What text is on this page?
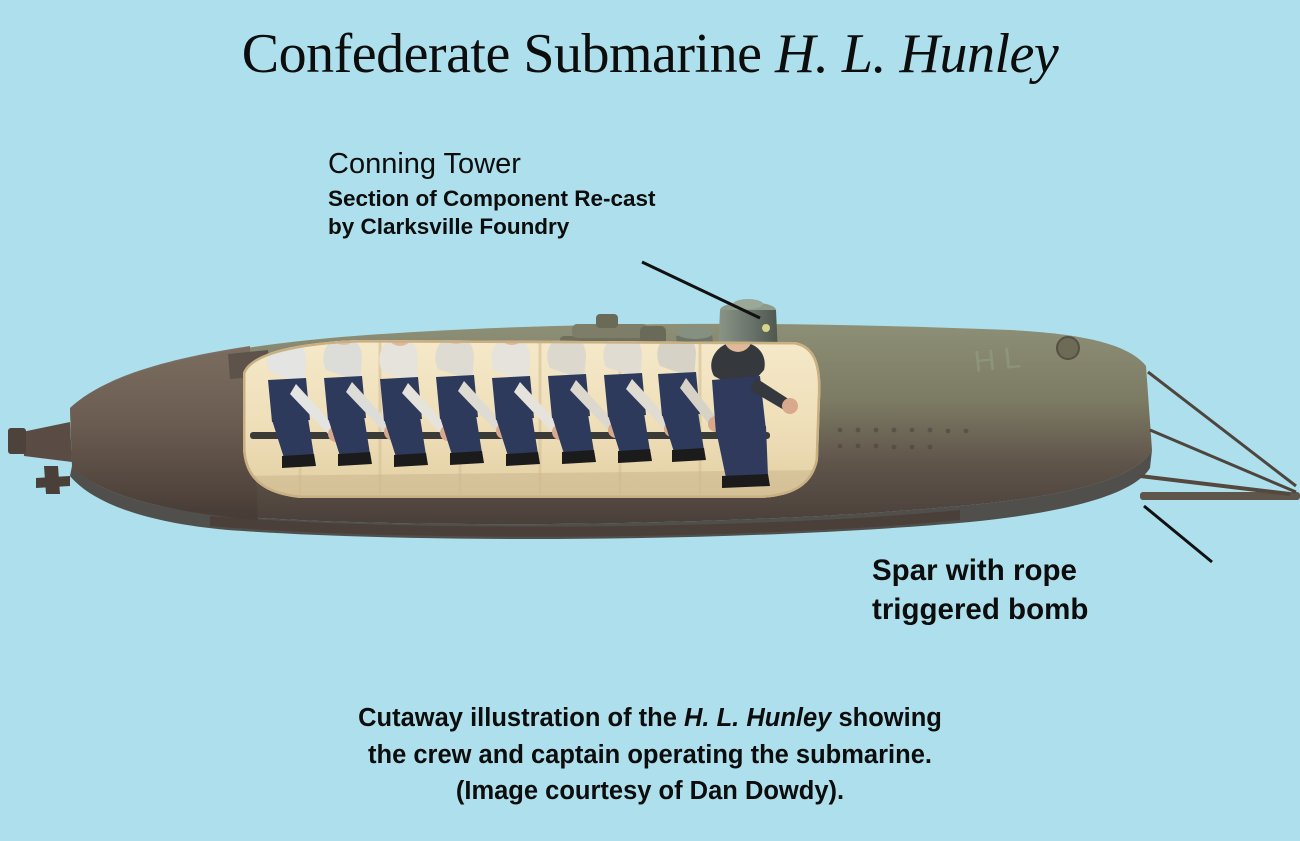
Confederate Submarine H. L. Hunley
H L
Conning Tower
Section of Component Re-cast
by Clarksville Foundry
Spar with rope
triggered bomb
Cutaway illustration of the H. L. Hunley showing
the crew and captain operating the submarine.
(Image courtesy of Dan Dowdy).
